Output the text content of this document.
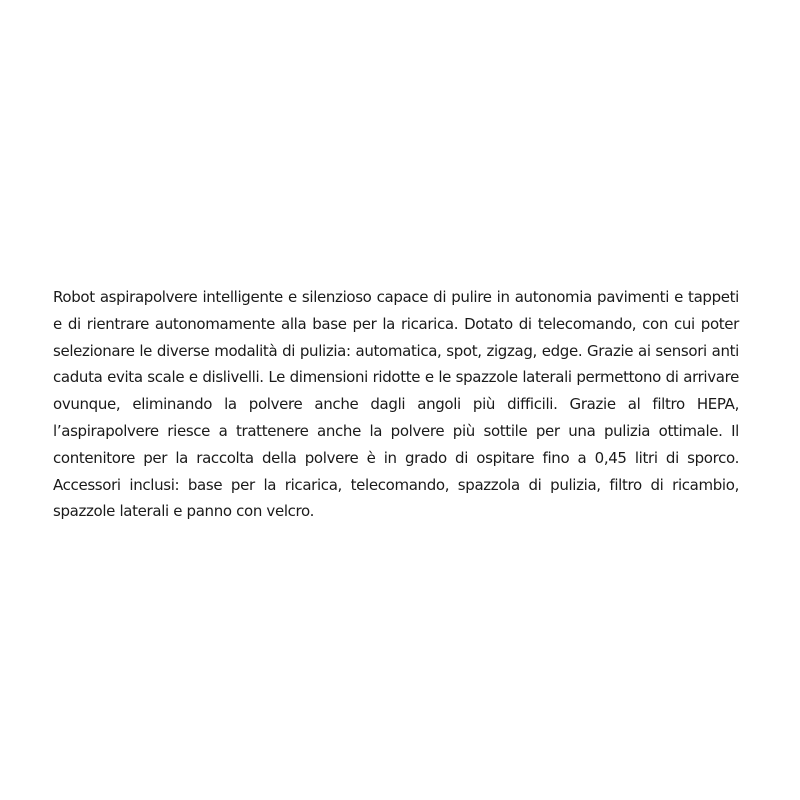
Robot aspirapolvere intelligente e silenzioso capace di pulire in autonomia pavimenti e tappeti e di rientrare autonomamente alla base per la ricarica. Dotato di telecomando, con cui poter selezionare le diverse modalità di pulizia: automatica, spot, zigzag, edge. Grazie ai sensori anti caduta evita scale e dislivelli. Le dimensioni ridotte e le spazzole laterali permettono di arrivare ovunque, eliminando la polvere anche dagli angoli più difficili. Grazie al filtro HEPA, l’aspirapolvere riesce a trattenere anche la polvere più sottile per una pulizia ottimale. Il contenitore per la raccolta della polvere è in grado di ospitare fino a 0,45 litri di sporco. Accessori inclusi: base per la ricarica, telecomando, spazzola di pulizia, filtro di ricambio, spazzole laterali e panno con velcro.
